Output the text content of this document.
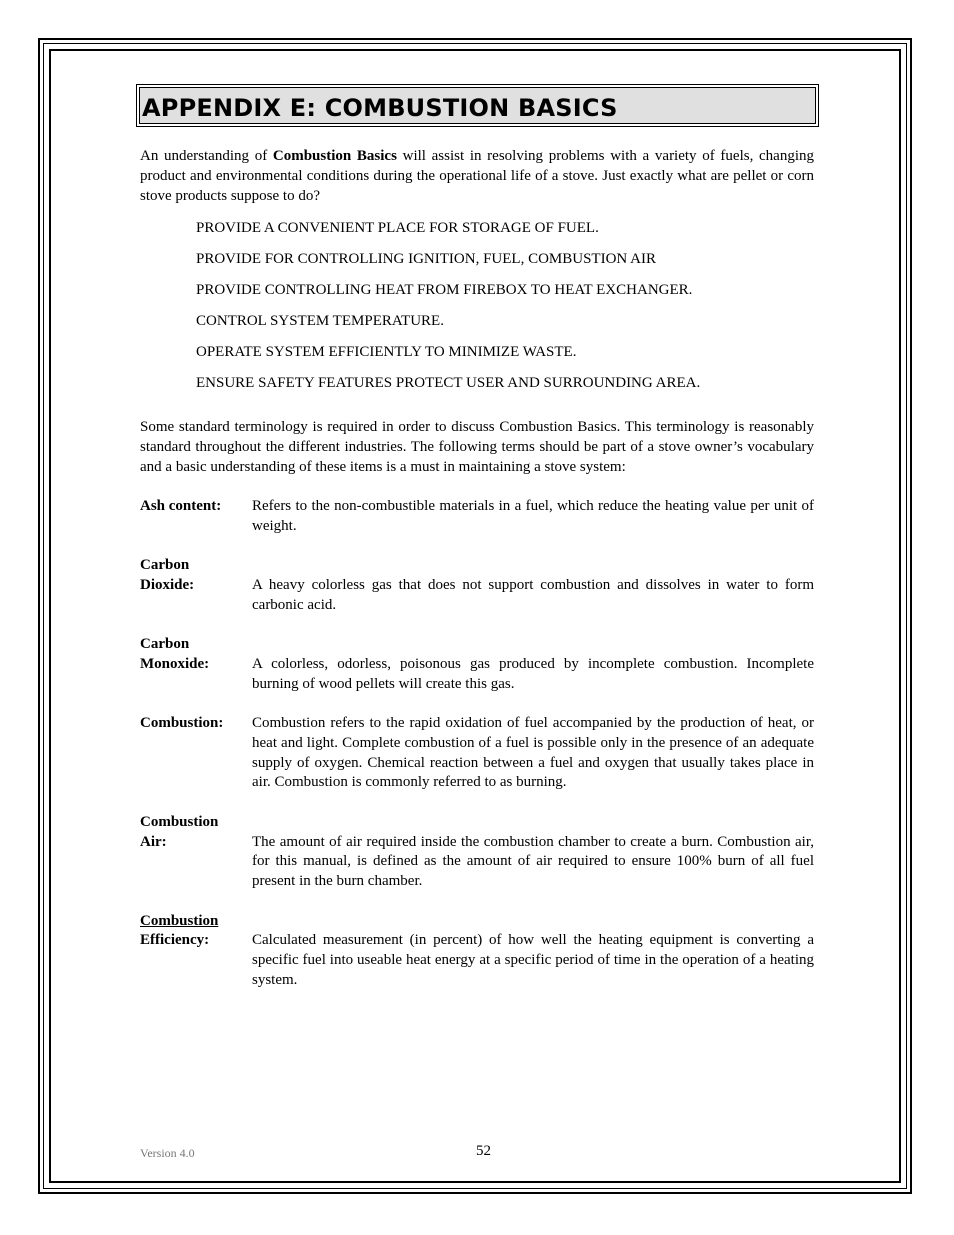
APPENDIX E: COMBUSTION BASICS

An understanding of Combustion Basics will assist in resolving problems with a variety of fuels, changing product and environmental conditions during the operational life of a stove. Just exactly what are pellet or corn stove products suppose to do?

PROVIDE A CONVENIENT PLACE FOR STORAGE OF FUEL.
PROVIDE FOR CONTROLLING IGNITION, FUEL, COMBUSTION AIR
PROVIDE CONTROLLING HEAT FROM FIREBOX TO HEAT EXCHANGER.
CONTROL SYSTEM TEMPERATURE.
OPERATE SYSTEM EFFICIENTLY TO MINIMIZE WASTE.
ENSURE SAFETY FEATURES PROTECT USER AND SURROUNDING AREA.

Some standard terminology is required in order to discuss Combustion Basics. This terminology is reasonably standard throughout the different industries. The following terms should be part of a stove owner’s vocabulary and a basic understanding of these items is a must in maintaining a stove system:

Ash content:	Refers to the non-combustible materials in a fuel, which reduce the heating value per unit of weight.
Carbon
Dioxide:	A heavy colorless gas that does not support combustion and dissolves in water to form carbonic acid.
Carbon
Monoxide:	A colorless, odorless, poisonous gas produced by incomplete combustion. Incomplete burning of wood pellets will create this gas.
Combustion:	Combustion refers to the rapid oxidation of fuel accompanied by the production of heat, or heat and light. Complete combustion of a fuel is possible only in the presence of an adequate supply of oxygen. Chemical reaction between a fuel and oxygen that usually takes place in air. Combustion is commonly referred to as burning.
Combustion
Air:	The amount of air required inside the combustion chamber to create a burn. Combustion air, for this manual, is defined as the amount of air required to ensure 100% burn of all fuel present in the burn chamber.
Combustion
Efficiency:	Calculated measurement (in percent) of how well the heating equipment is converting a specific fuel into useable heat energy at a specific period of time in the operation of a heating system.
Version 4.0	52
